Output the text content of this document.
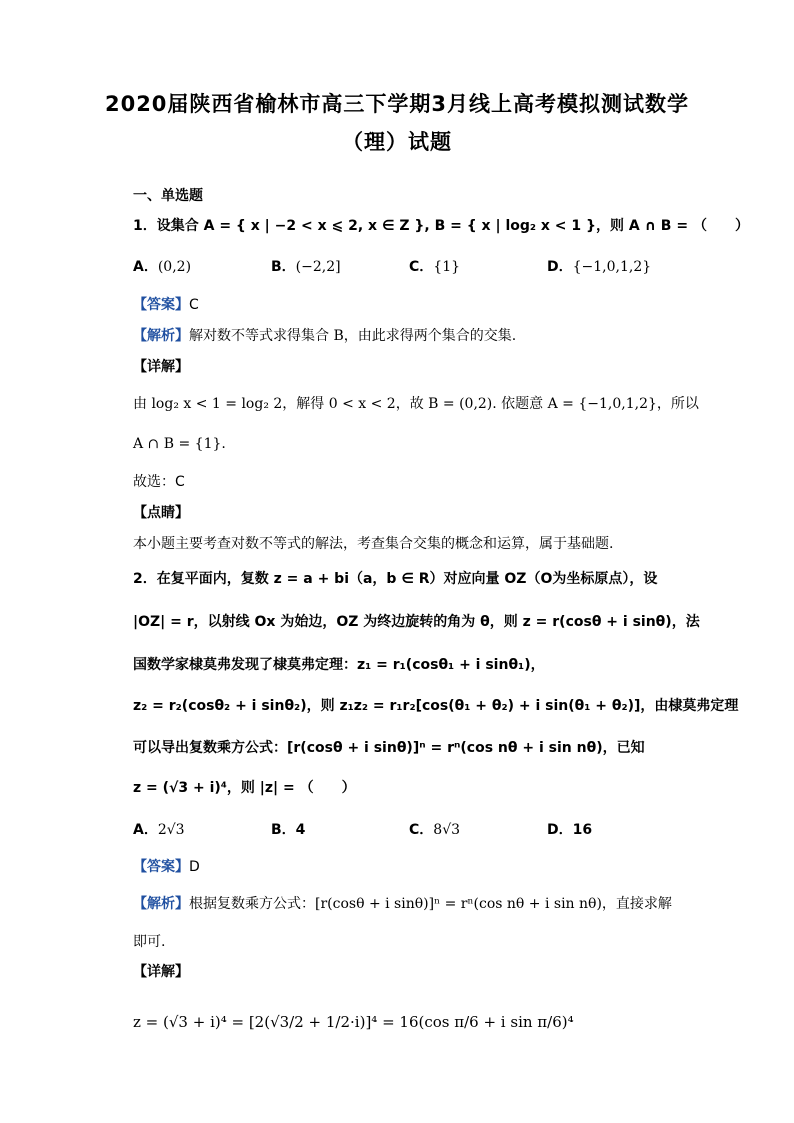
2020届陕西省榆林市高三下学期3月线上高考模拟测试数学
（理）试题
一、单选题
1．设集合 A = { x | −2 < x ⩽ 2, x ∈ Z }, B = { x | log₂ x < 1 }，则 A ∩ B = （　　）
A．(0,2)	B．(−2,2]	C．{1}	D．{−1,0,1,2}
【答案】C
【解析】解对数不等式求得集合 B，由此求得两个集合的交集.
【详解】
由 log₂ x < 1 = log₂ 2，解得 0 < x < 2，故 B = (0,2). 依题意 A = {−1,0,1,2}，所以
A ∩ B = {1}.
故选：C
【点睛】
本小题主要考查对数不等式的解法，考查集合交集的概念和运算，属于基础题.
2．在复平面内，复数 z = a + bi（a，b ∈ R）对应向量 OZ（O为坐标原点），设
|OZ| = r，以射线 Ox 为始边，OZ 为终边旋转的角为 θ，则 z = r(cosθ + i sinθ)，法
国数学家棣莫弗发现了棣莫弗定理：z₁ = r₁(cosθ₁ + i sinθ₁)，
z₂ = r₂(cosθ₂ + i sinθ₂)，则 z₁z₂ = r₁r₂[cos(θ₁ + θ₂) + i sin(θ₁ + θ₂)]，由棣莫弗定理
可以导出复数乘方公式：[r(cosθ + i sinθ)]ⁿ = rⁿ(cos nθ + i sin nθ)，已知
z = (√3 + i)⁴，则 |z| = （　　）
A．2√3	B．4	C．8√3	D．16
【答案】D
【解析】根据复数乘方公式：[r(cosθ + i sinθ)]ⁿ = rⁿ(cos nθ + i sin nθ)，直接求解
即可.
【详解】
z = (√3 + i)⁴ = [2(√3/2 + 1/2·i)]⁴ = 16(cos π/6 + i sin π/6)⁴
